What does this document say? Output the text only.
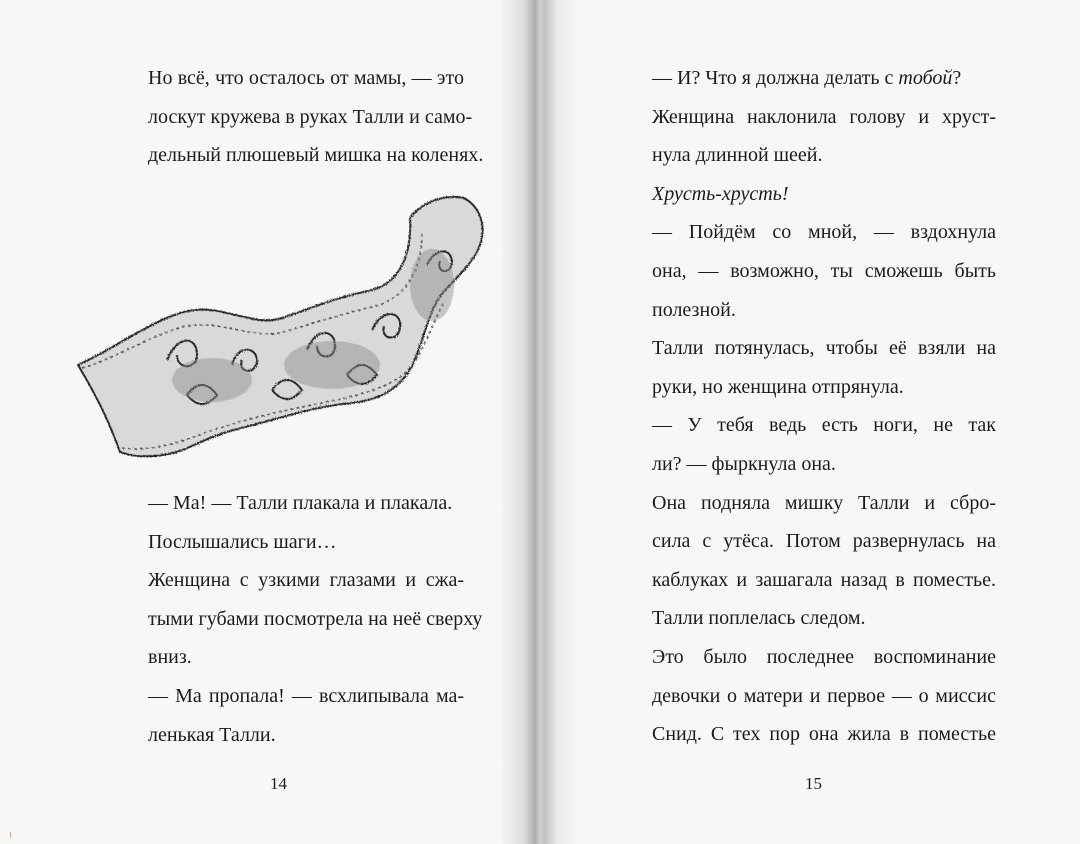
Но всё, что осталось от мамы, — это
лоскут кружева в руках Талли и само-
дельный плюшевый мишка на коленях.
— Ма! — Талли плакала и плакала.
Послышались шаги…
Женщина с узкими глазами и сжа-
тыми губами посмотрела на неё сверху
вниз.
— Ма пропала! — всхлипывала ма-
ленькая Талли.
14
— И? Что я должна делать с тобой?
Женщина наклонила голову и хруст-
нула длинной шеей.
Хрусть-хрусть!
— Пойдём со мной, — вздохнула
она, — возможно, ты сможешь быть
полезной.
Талли потянулась, чтобы её взяли на
руки, но женщина отпрянула.
— У тебя ведь есть ноги, не так
ли? — фыркнула она.
Она подняла мишку Талли и сбро-
сила с утёса. Потом развернулась на
каблуках и зашагала назад в поместье.
Талли поплелась следом.
Это было последнее воспоминание
девочки о матери и первое — о миссис
Снид. С тех пор она жила в поместье
15
